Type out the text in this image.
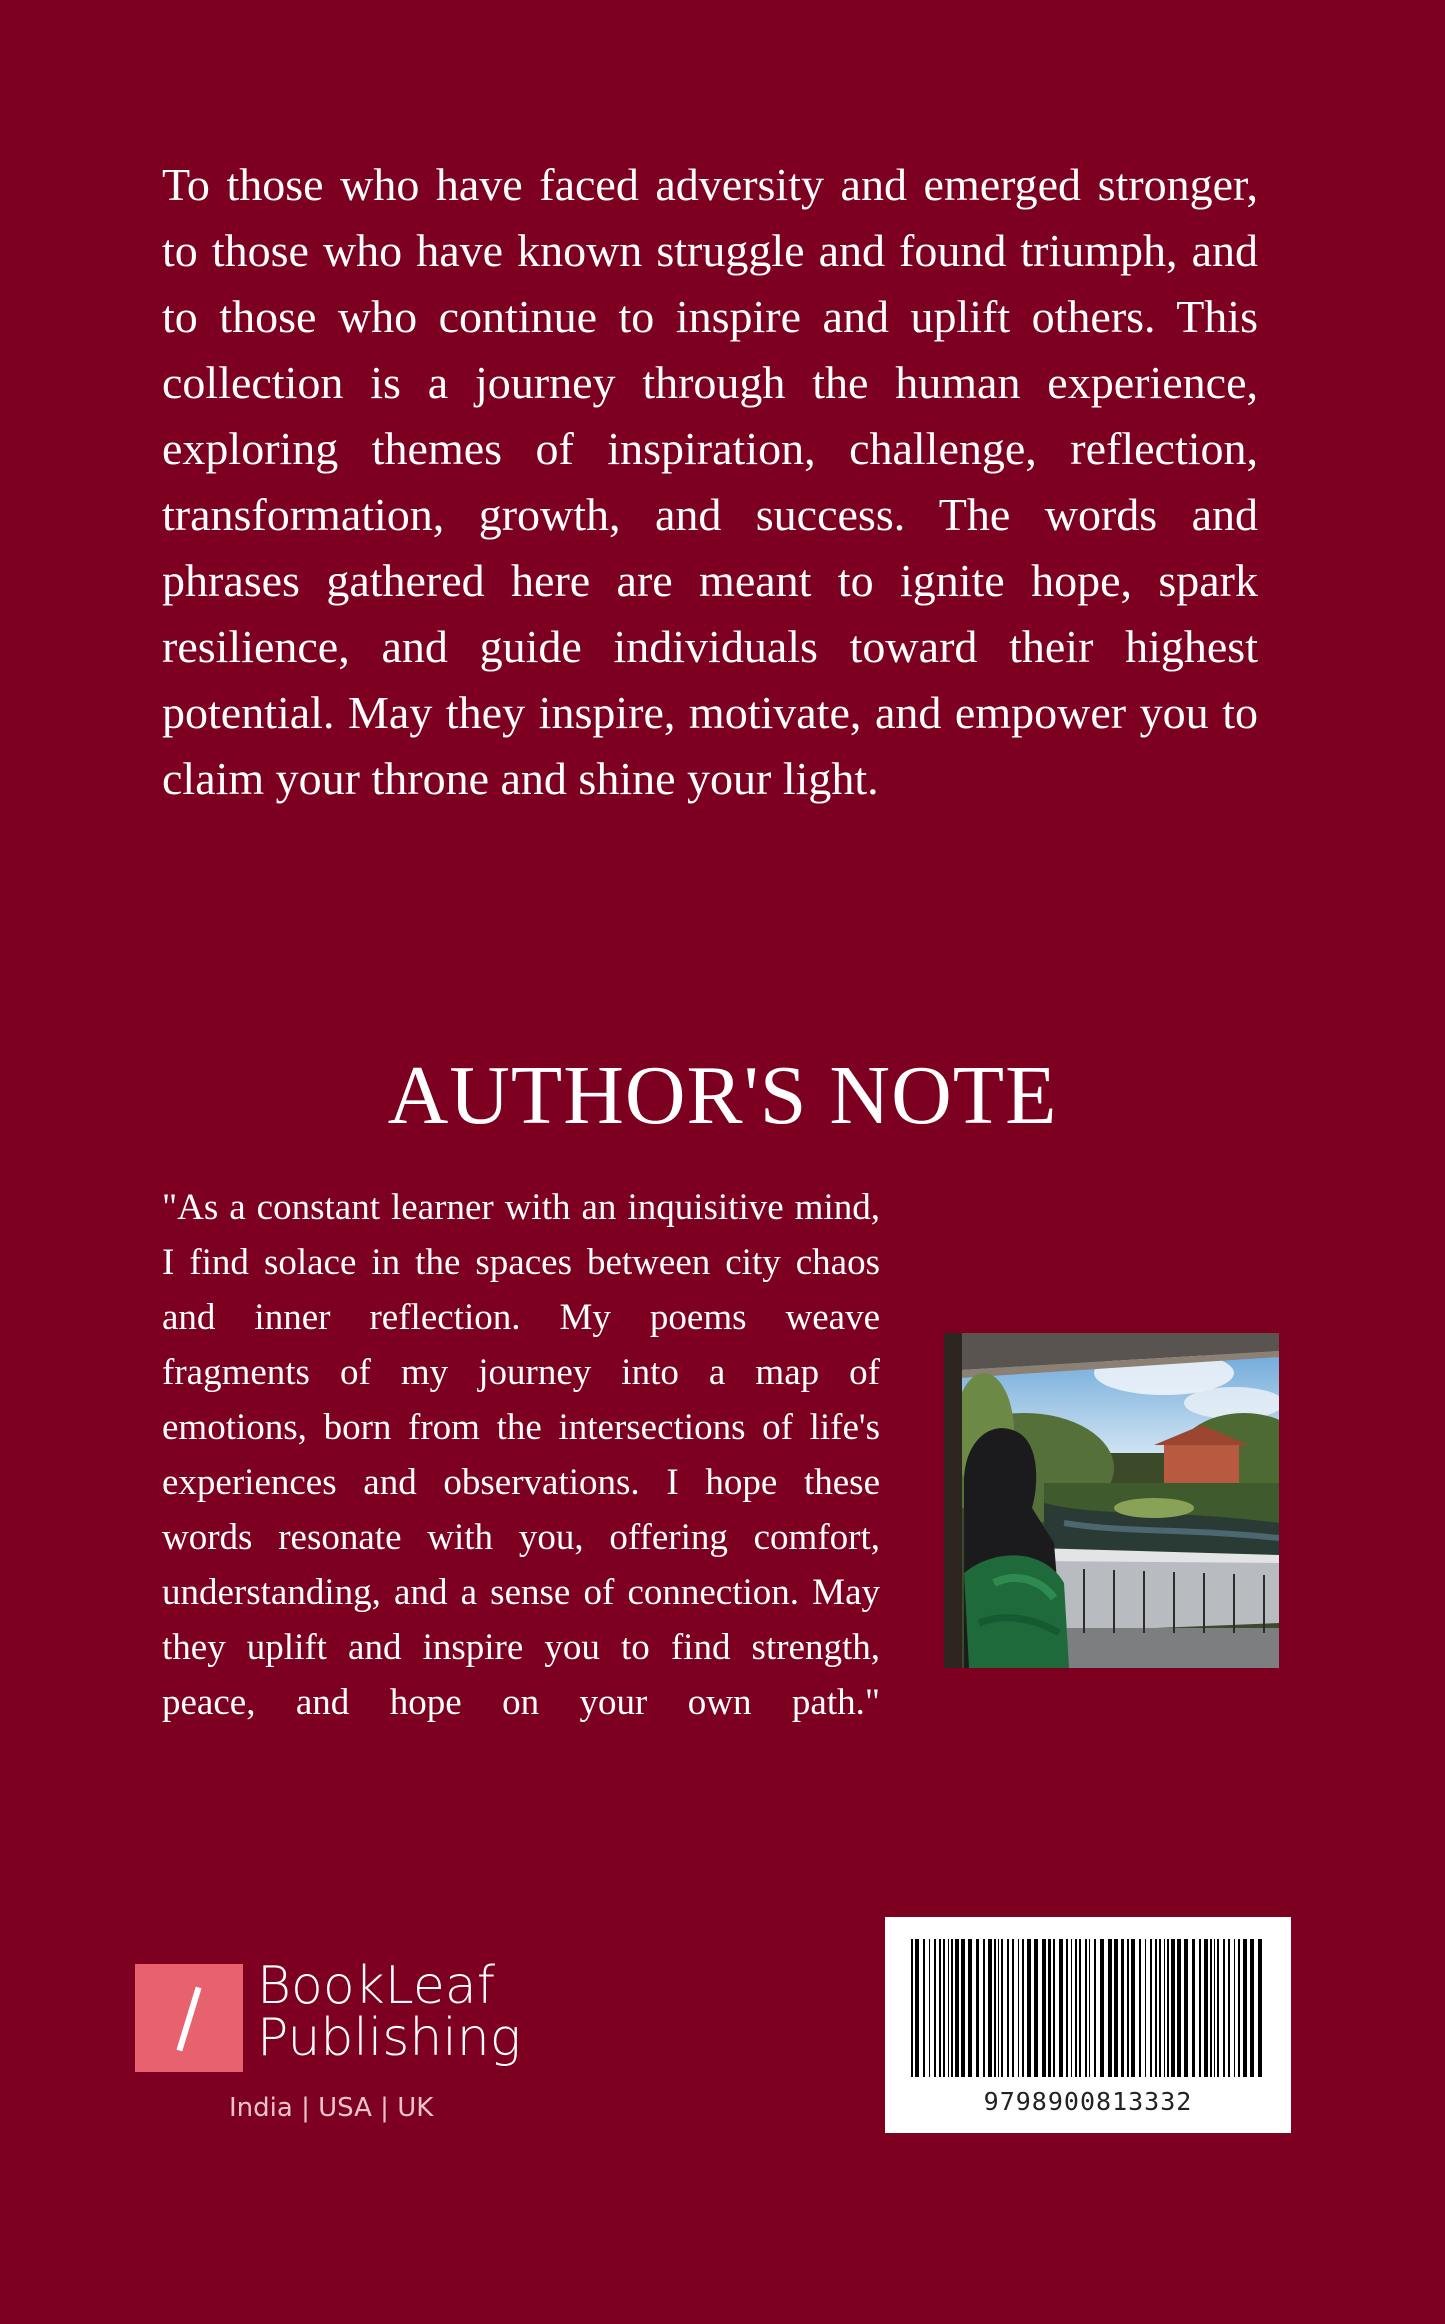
To those who have faced adversity and emerged stronger, to those who have known struggle and found triumph, and to those who continue to inspire and uplift others. This collection is a journey through the human experience, exploring themes of inspiration, challenge, reflection, transformation, growth, and success. The words and phrases gathered here are meant to ignite hope, spark resilience, and guide individuals toward their highest potential. May they inspire, motivate, and empower you to claim your throne and shine your light.

AUTHOR'S NOTE

"As a constant learner with an inquisitive mind, I find solace in the spaces between city chaos and inner reflection. My poems weave fragments of my journey into a map of emotions, born from the intersections of life's experiences and observations. I hope these words resonate with you, offering comfort, understanding, and a sense of connection. May they uplift and inspire you to find strength, peace, and hope on your own path."

BookLeaf
Publishing
India | USA | UK	9798900813332
